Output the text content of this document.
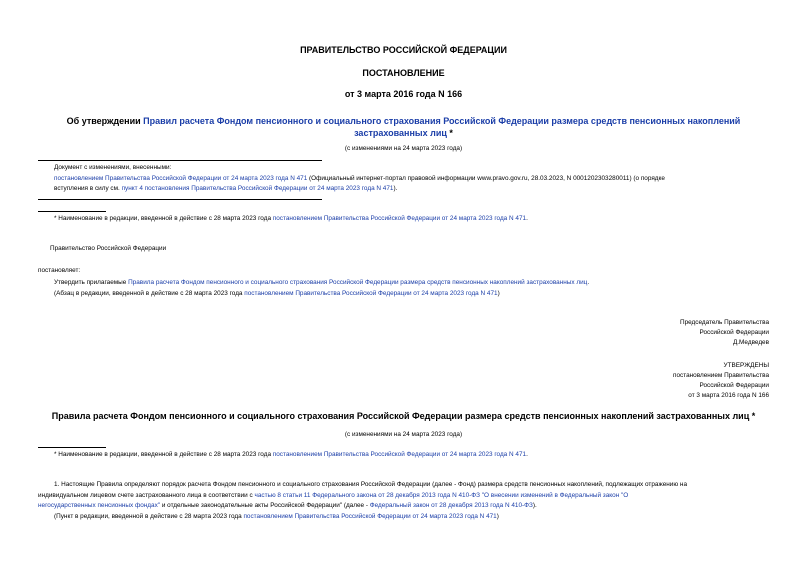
ПРАВИТЕЛЬСТВО РОССИЙСКОЙ ФЕДЕРАЦИИ
ПОСТАНОВЛЕНИЕ
от 3 марта 2016 года N 166
Об утверждении Правил расчета Фондом пенсионного и социального страхования Российской Федерации размера средств пенсионных накоплений
застрахованных лиц *
(с изменениями на 24 марта 2023 года)
Документ с изменениями, внесенными:
постановлением Правительства Российской Федерации от 24 марта 2023 года N 471 (Официальный интернет-портал правовой информации www.pravo.gov.ru, 28.03.2023, N 0001202303280011) (о порядке
вступления в силу см. пункт 4 постановления Правительства Российской Федерации от 24 марта 2023 года N 471).
* Наименование в редакции, введенной в действие с 28 марта 2023 года постановлением Правительства Российской Федерации от 24 марта 2023 года N 471.
Правительство Российской Федерации
постановляет:
Утвердить прилагаемые Правила расчета Фондом пенсионного и социального страхования Российской Федерации размера средств пенсионных накоплений застрахованных лиц.
(Абзац в редакции, введенной в действие с 28 марта 2023 года постановлением Правительства Российской Федерации от 24 марта 2023 года N 471)
Председатель Правительства
Российской Федерации
Д.Медведев
УТВЕРЖДЕНЫ
постановлением Правительства
Российской Федерации
от 3 марта 2016 года N 166
Правила расчета Фондом пенсионного и социального страхования Российской Федерации размера средств пенсионных накоплений застрахованных лиц *
(с изменениями на 24 марта 2023 года)
* Наименование в редакции, введенной в действие с 28 марта 2023 года постановлением Правительства Российской Федерации от 24 марта 2023 года N 471.
1. Настоящие Правила определяют порядок расчета Фондом пенсионного и социального страхования Российской Федерации (далее - Фонд) размера средств пенсионных накоплений, подлежащих отражению на
индивидуальном лицевом счете застрахованного лица в соответствии с частью 8 статьи 11 Федерального закона от 28 декабря 2013 года N 410-ФЗ "О внесении изменений в Федеральный закон "О
негосударственных пенсионных фондах" и отдельные законодательные акты Российской Федерации" (далее - Федеральный закон от 28 декабря 2013 года N 410-ФЗ).
(Пункт в редакции, введенной в действие с 28 марта 2023 года постановлением Правительства Российской Федерации от 24 марта 2023 года N 471)
